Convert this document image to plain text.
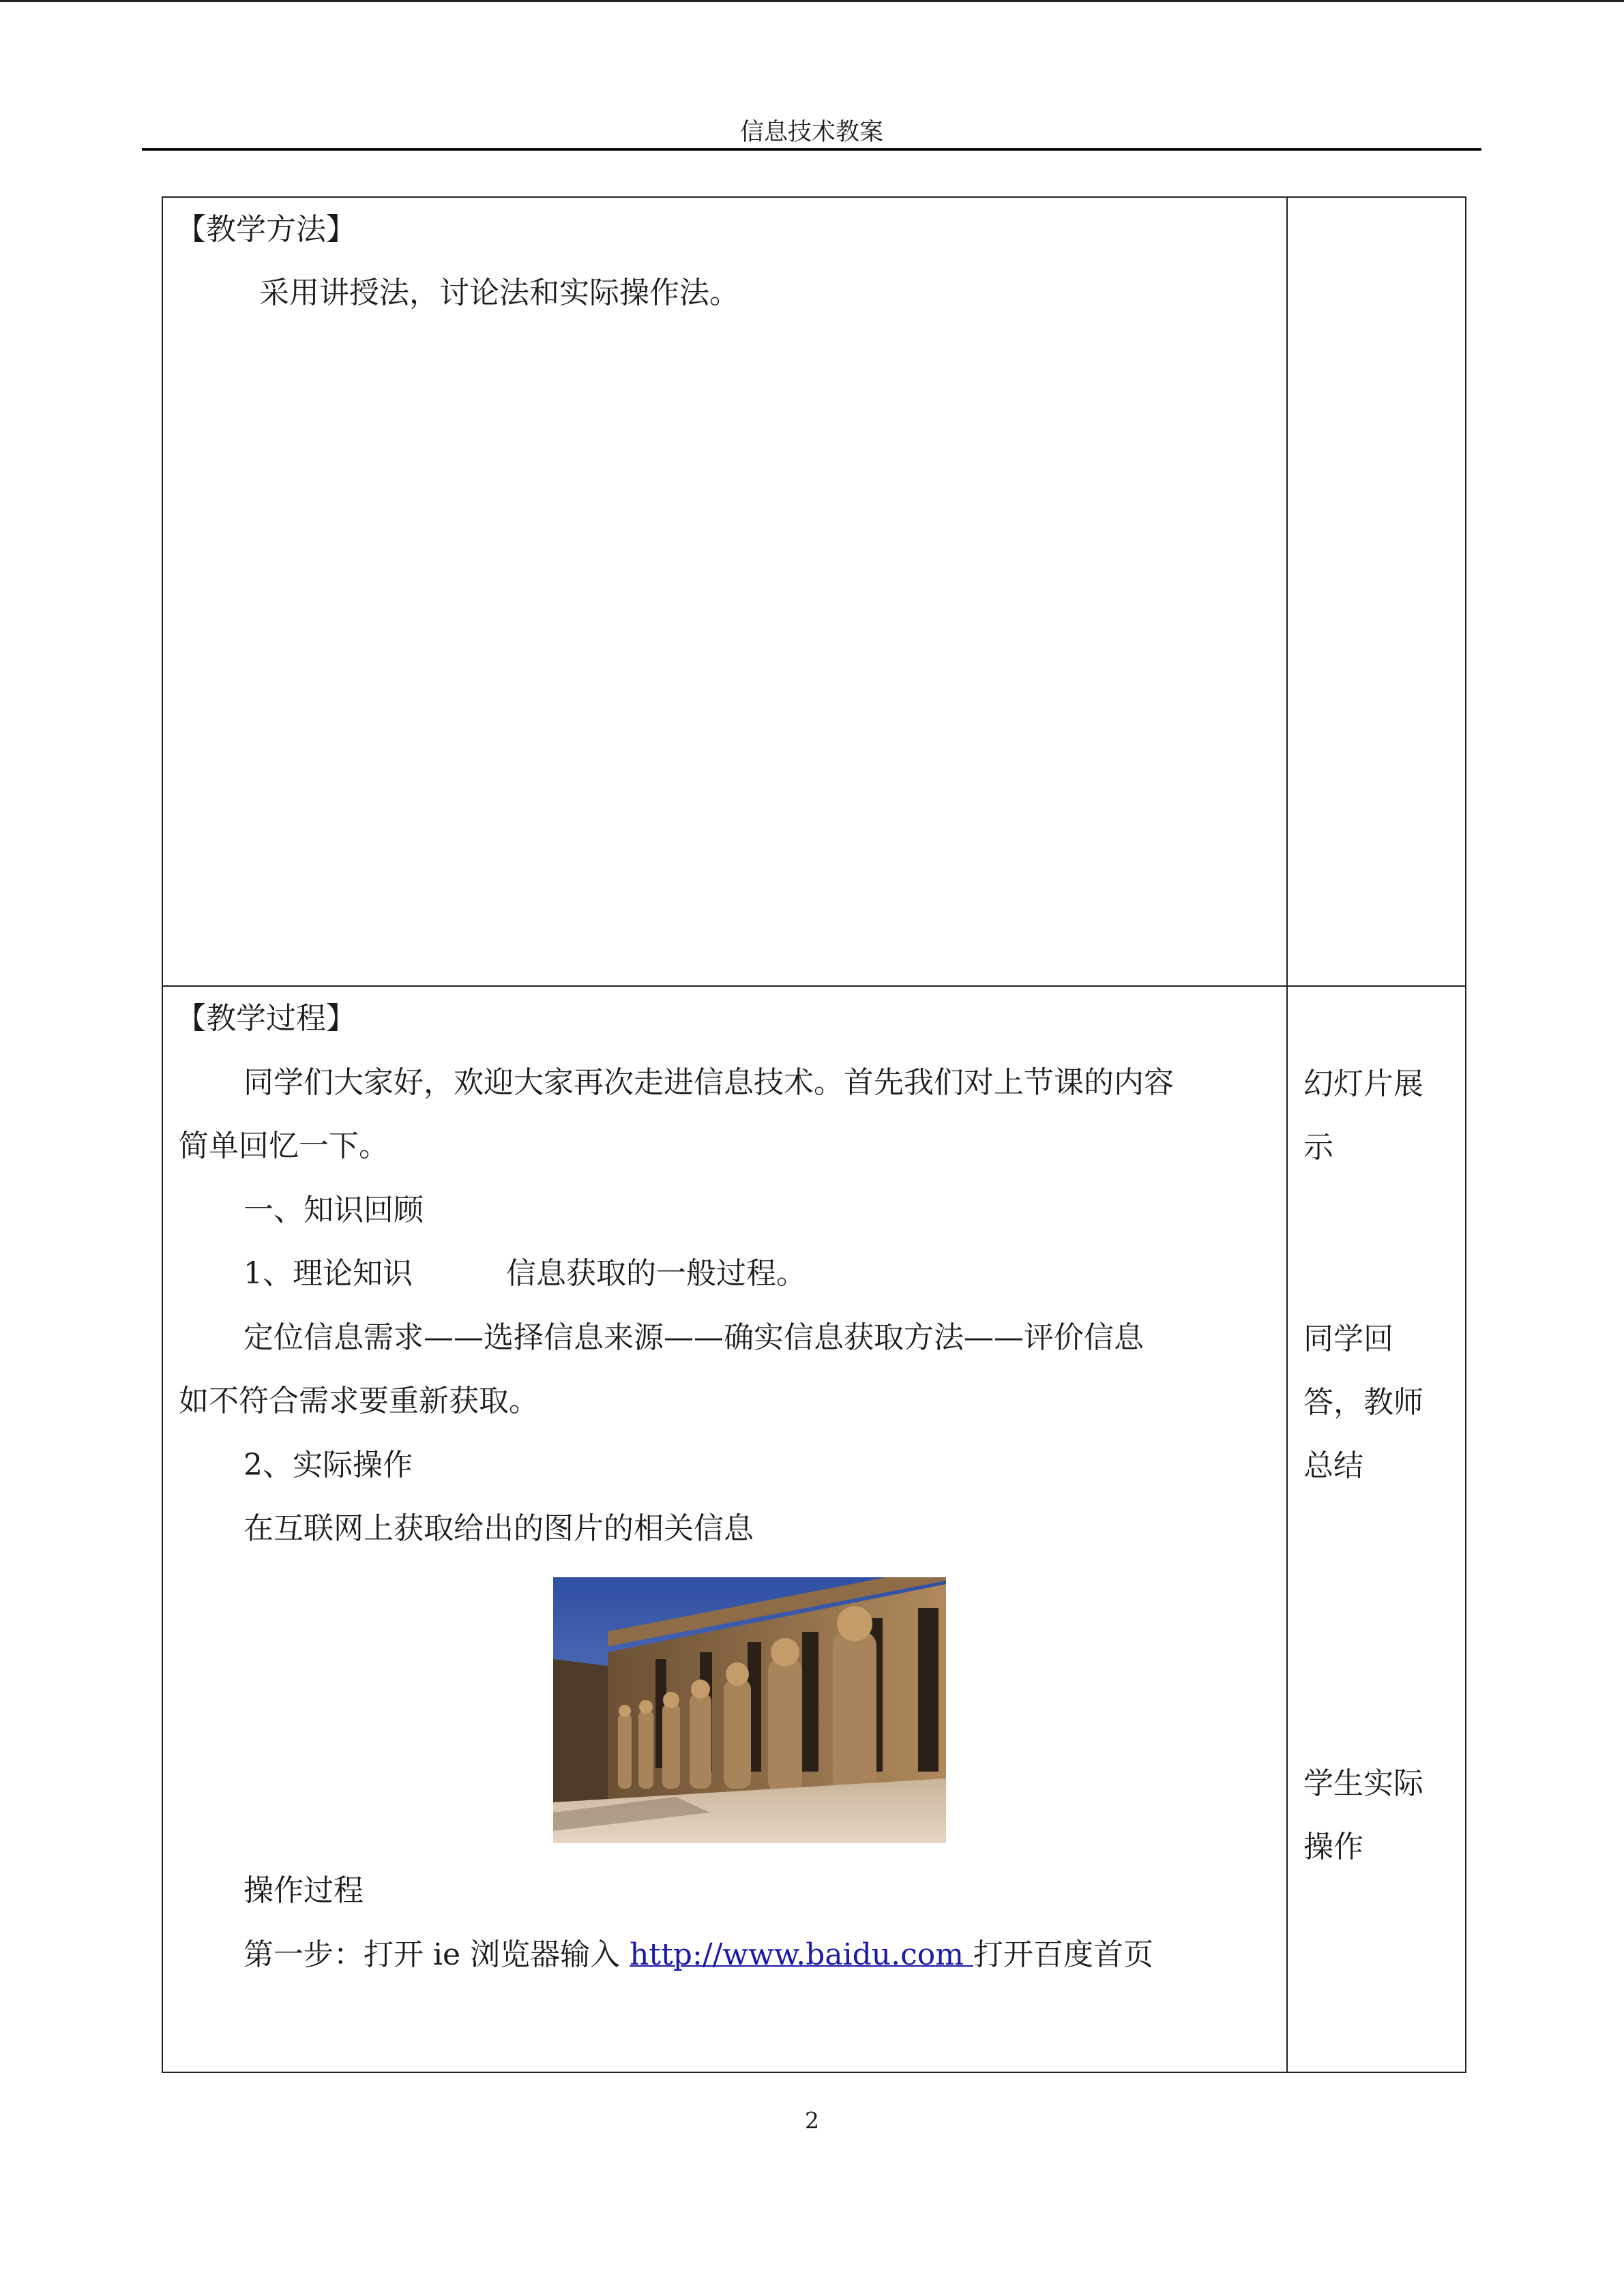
信息技术教案
【教学方法】
采用讲授法，讨论法和实际操作法。
【教学过程】
同学们大家好，欢迎大家再次走进信息技术。首先我们对上节课的内容
简单回忆一下。
一、知识回顾
1、理论知识	信息获取的一般过程。
定位信息需求——选择信息来源——确实信息获取方法——评价信息
如不符合需求要重新获取。
2、实际操作
在互联网上获取给出的图片的相关信息
操作过程
第一步：打开 ie 浏览器输入 http://www.baidu.com 打开百度首页
幻灯片展
示
同学回
答，教师
总结
学生实际
操作
2
